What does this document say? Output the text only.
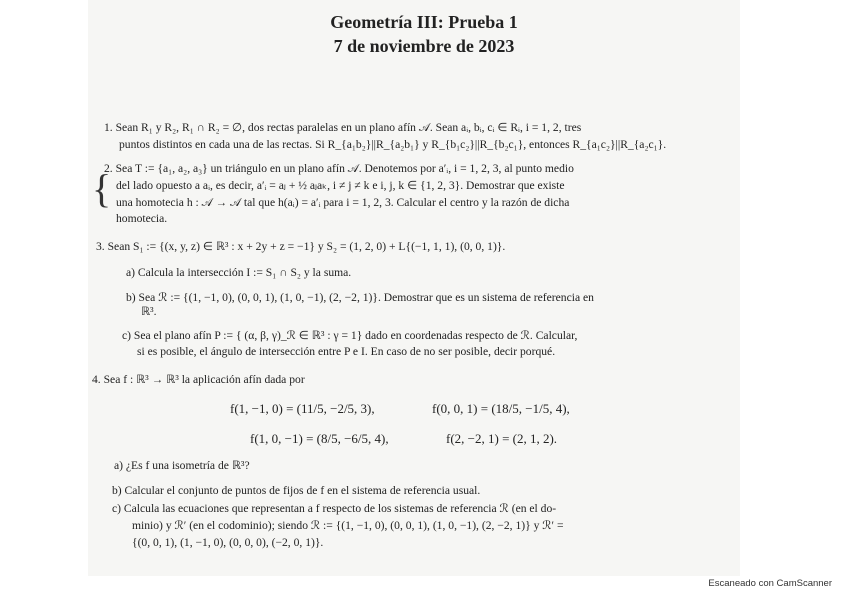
Geometría III: Prueba 1
7 de noviembre de 2023
1. Sean R₁ y R₂, R₁ ∩ R₂ = ∅, dos rectas paralelas en un plano afín 𝒜. Sean aᵢ, bᵢ, cᵢ ∈ Rᵢ, i = 1, 2, tres
puntos distintos en cada una de las rectas. Si R_{a₁b₂}||R_{a₂b₁} y R_{b₁c₂}||R_{b₂c₁}, entonces R_{a₁c₂}||R_{a₂c₁}.
2. Sea T := {a₁, a₂, a₃} un triángulo en un plano afín 𝒜. Denotemos por a′ᵢ, i = 1, 2, 3, al punto medio
del lado opuesto a aᵢ, es decir, a′ᵢ = aⱼ + ½ aⱼaₖ, i ≠ j ≠ k e i, j, k ∈ {1, 2, 3}. Demostrar que existe
una homotecia h : 𝒜 → 𝒜 tal que h(aᵢ) = a′ᵢ para i = 1, 2, 3. Calcular el centro y la razón de dicha
homotecia.
{
3. Sean S₁ := {(x, y, z) ∈ ℝ³ : x + 2y + z = −1} y S₂ = (1, 2, 0) + L{(−1, 1, 1), (0, 0, 1)}.
a) Calcula la intersección I := S₁ ∩ S₂ y la suma.
b) Sea ℛ := {(1, −1, 0), (0, 0, 1), (1, 0, −1), (2, −2, 1)}. Demostrar que es un sistema de referencia en
ℝ³.
c) Sea el plano afín P := { (α, β, γ)_ℛ ∈ ℝ³ : γ = 1} dado en coordenadas respecto de ℛ. Calcular,
si es posible, el ángulo de intersección entre P e I. En caso de no ser posible, decir porqué.
4. Sea f : ℝ³ → ℝ³ la aplicación afín dada por
f(1, −1, 0) = (11/5, −2/5, 3),	f(0, 0, 1) = (18/5, −1/5, 4),
f(1, 0, −1) = (8/5, −6/5, 4),	f(2, −2, 1) = (2, 1, 2).
a) ¿Es f una isometría de ℝ³?
b) Calcular el conjunto de puntos de fijos de f en el sistema de referencia usual.
c) Calcula las ecuaciones que representan a f respecto de los sistemas de referencia ℛ (en el do-
minio) y ℛ′ (en el codominio); siendo ℛ := {(1, −1, 0), (0, 0, 1), (1, 0, −1), (2, −2, 1)} y ℛ′ =
{(0, 0, 1), (1, −1, 0), (0, 0, 0), (−2, 0, 1)}.
Escaneado con CamScanner
